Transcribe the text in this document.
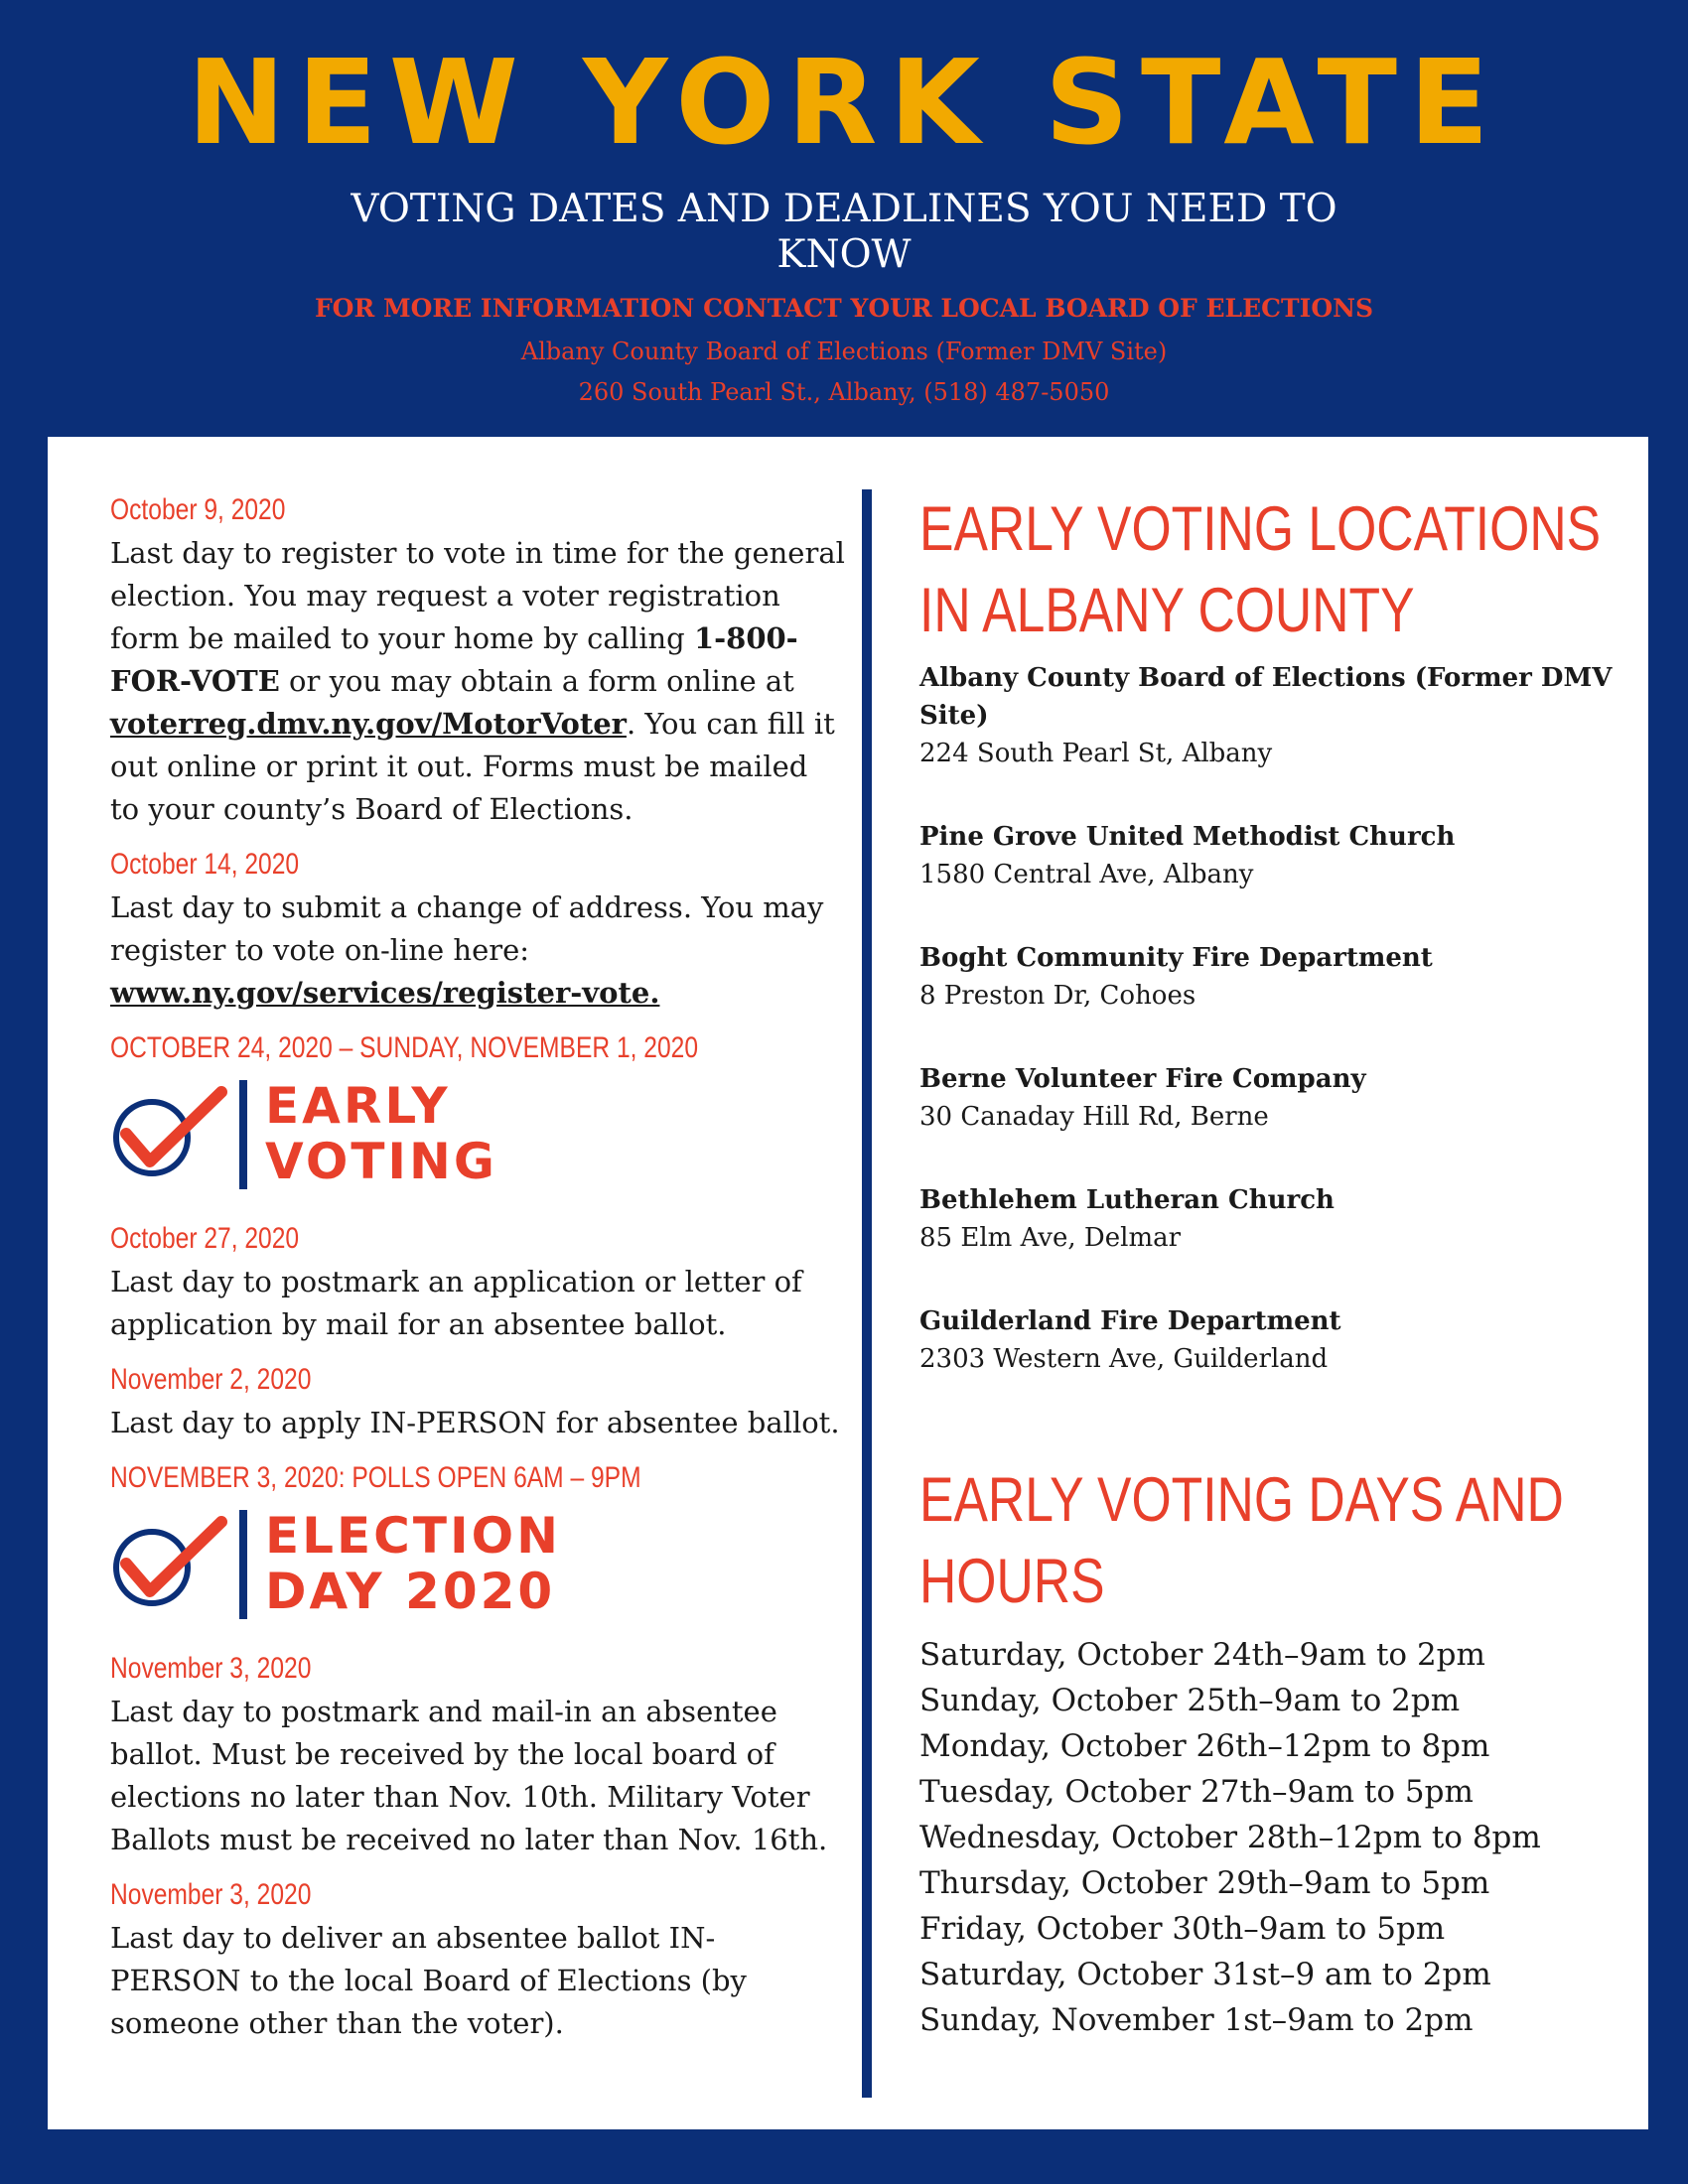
NEW YORK STATE
VOTING DATES AND DEADLINES YOU NEED TO KNOW
FOR MORE INFORMATION CONTACT YOUR LOCAL BOARD OF ELECTIONS
Albany County Board of Elections (Former DMV Site)
260 South Pearl St., Albany, (518) 487-5050
October 9, 2020
Last day to register to vote in time for the general election. You may request a voter registration form be mailed to your home by calling 1-800-FOR-VOTE or you may obtain a form online at voterreg.dmv.ny.gov/MotorVoter. You can fill it out online or print it out. Forms must be mailed to your county’s Board of Elections.
October 14, 2020
Last day to submit a change of address. You may register to vote on-line here:
www.ny.gov/services/register-vote.
OCTOBER 24, 2020 – SUNDAY, NOVEMBER 1, 2020
EARLY
VOTING
October 27, 2020
Last day to postmark an application or letter of application by mail for an absentee ballot.
November 2, 2020
Last day to apply IN-PERSON for absentee ballot.
NOVEMBER 3, 2020: POLLS OPEN 6AM – 9PM
ELECTION
DAY 2020
November 3, 2020
Last day to postmark and mail-in an absentee ballot. Must be received by the local board of elections no later than Nov. 10th. Military Voter Ballots must be received no later than Nov. 16th.
November 3, 2020
Last day to deliver an absentee ballot IN-PERSON to the local Board of Elections (by someone other than the voter).
EARLY VOTING LOCATIONS IN ALBANY COUNTY
Albany County Board of Elections (Former DMV Site)
224 South Pearl St, Albany
Pine Grove United Methodist Church
1580 Central Ave, Albany
Boght Community Fire Department
8 Preston Dr, Cohoes
Berne Volunteer Fire Company
30 Canaday Hill Rd, Berne
Bethlehem Lutheran Church
85 Elm Ave, Delmar
Guilderland Fire Department
2303 Western Ave, Guilderland
EARLY VOTING DAYS AND HOURS
Saturday, October 24th–9am to 2pm
Sunday, October 25th–9am to 2pm
Monday, October 26th–12pm to 8pm
Tuesday, October 27th–9am to 5pm
Wednesday, October 28th–12pm to 8pm
Thursday, October 29th–9am to 5pm
Friday, October 30th–9am to 5pm
Saturday, October 31st–9 am to 2pm
Sunday, November 1st–9am to 2pm
